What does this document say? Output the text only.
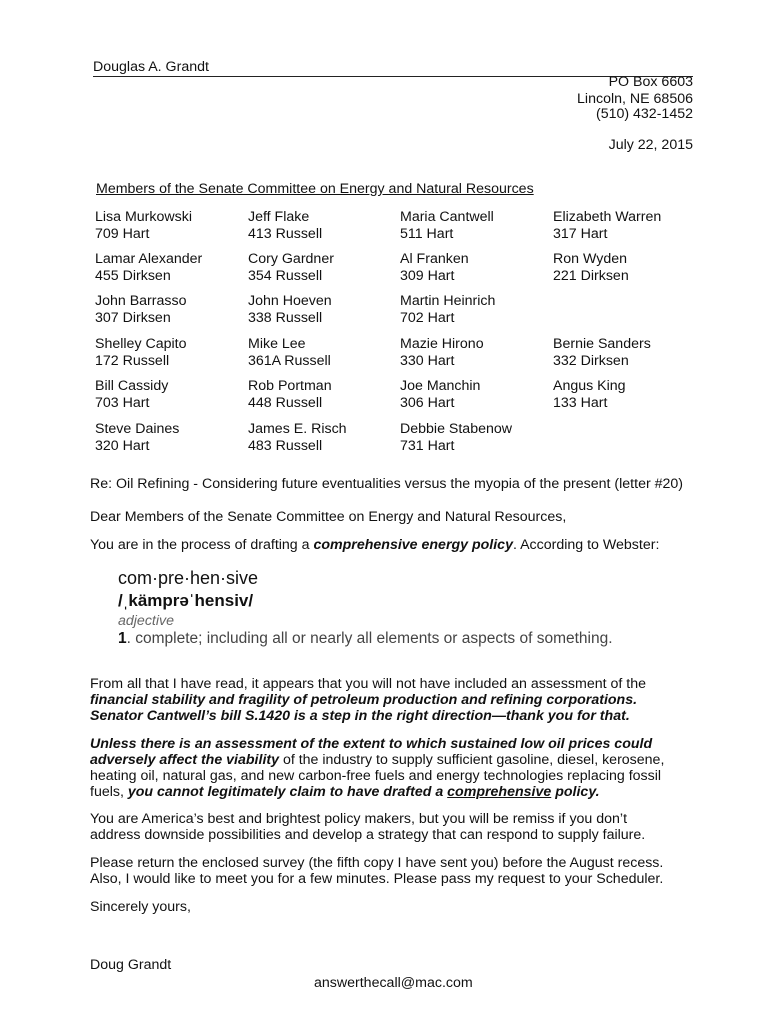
Douglas A. Grandt
PO Box 6603
Lincoln, NE 68506
(510) 432-1452
July 22, 2015
Members of the Senate Committee on Energy and Natural Resources
Lisa Murkowski
709 Hart
Lamar Alexander
455 Dirksen
John Barrasso
307 Dirksen
Shelley Capito
172 Russell
Bill Cassidy
703 Hart
Steve Daines
320 Hart
Jeff Flake
413 Russell
Cory Gardner
354 Russell
John Hoeven
338 Russell
Mike Lee
361A Russell
Rob Portman
448 Russell
James E. Risch
483 Russell
Maria Cantwell
511 Hart
Al Franken
309 Hart
Martin Heinrich
702 Hart
Mazie Hirono
330 Hart
Joe Manchin
306 Hart
Debbie Stabenow
731 Hart
Elizabeth Warren
317 Hart
Ron Wyden
221 Dirksen
Bernie Sanders
332 Dirksen
Angus King
133 Hart
Re: Oil Refining - Considering future eventualities versus the myopia of the present (letter #20)
Dear Members of the Senate Committee on Energy and Natural Resources,
You are in the process of drafting a comprehensive energy policy. According to Webster:
com·pre·hen·sive
/ˌkämprəˈhensiv/
adjective
1. complete; including all or nearly all elements or aspects of something.
From all that I have read, it appears that you will not have included an assessment of the
financial stability and fragility of petroleum production and refining corporations.
Senator Cantwell’s bill S.1420 is a step in the right direction—thank you for that.
Unless there is an assessment of the extent to which sustained low oil prices could
adversely affect the viability of the industry to supply sufficient gasoline, diesel, kerosene,
heating oil, natural gas, and new carbon-free fuels and energy technologies replacing fossil
fuels, you cannot legitimately claim to have drafted a comprehensive policy.
You are America’s best and brightest policy makers, but you will be remiss if you don’t
address downside possibilities and develop a strategy that can respond to supply failure.
Please return the enclosed survey (the fifth copy I have sent you) before the August recess.
Also, I would like to meet you for a few minutes. Please pass my request to your Scheduler.
Sincerely yours,
Doug Grandt
answerthecall@mac.com
